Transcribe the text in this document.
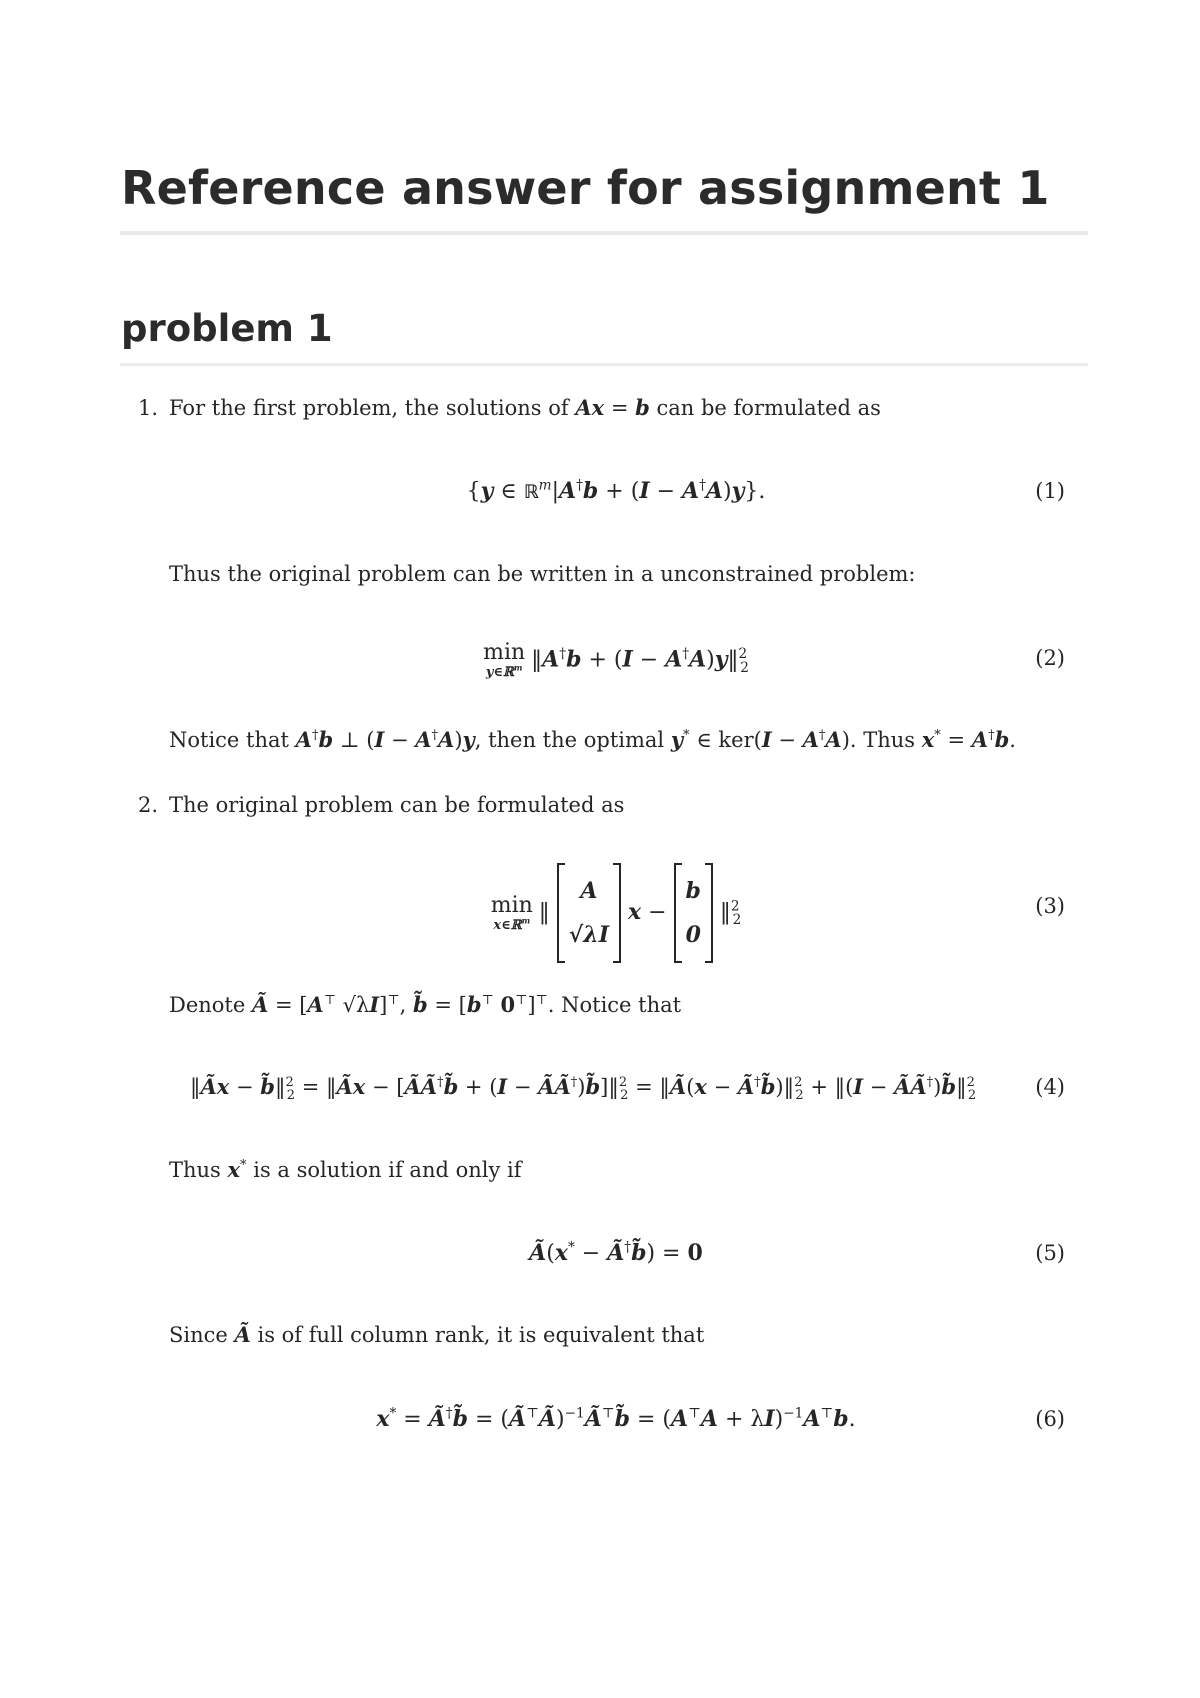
Reference answer for assignment 1
problem 1
1. For the first problem, the solutions of Ax = b can be formulated as
{y ∈ ℝ$^m$|A†b + (I − A†A)y}.	(1)
Thus the original problem can be written in a unconstrained problem:
min
y∈ℝ$^m$ ‖A†b + (I − A†A)y‖$^2_2$	(2)
Notice that A†b ⊥ (I − A†A)y, then the optimal y* ∈ ker(I − A†A). Thus x* = A†b.
2. The original problem can be formulated as
min
x∈ℝ$^m$ ‖
A
√λI
x −
b
0
‖$^2_2$
(3)
Denote Ã = [A⊤ √λI]⊤, b̃ = [b⊤ 0⊤]⊤. Notice that
‖Ãx − b̃‖$^2_2$ = ‖Ãx − [ÃÃ†b̃ + (I − ÃÃ†)b̃]‖$^2_2$ = ‖Ã(x − Ã†b̃)‖$^2_2$ + ‖(I − ÃÃ†)b̃‖$^2_2$	(4)
Thus x* is a solution if and only if
Ã(x* − Ã†b̃) = 0	(5)
Since Ã is of full column rank, it is equivalent that
x* = Ã†b̃ = (Ã⊤Ã)$^{-1}$Ã⊤b̃ = $(A^⊤A + \lambda I)^{-1}A^⊤b$.	(6)
